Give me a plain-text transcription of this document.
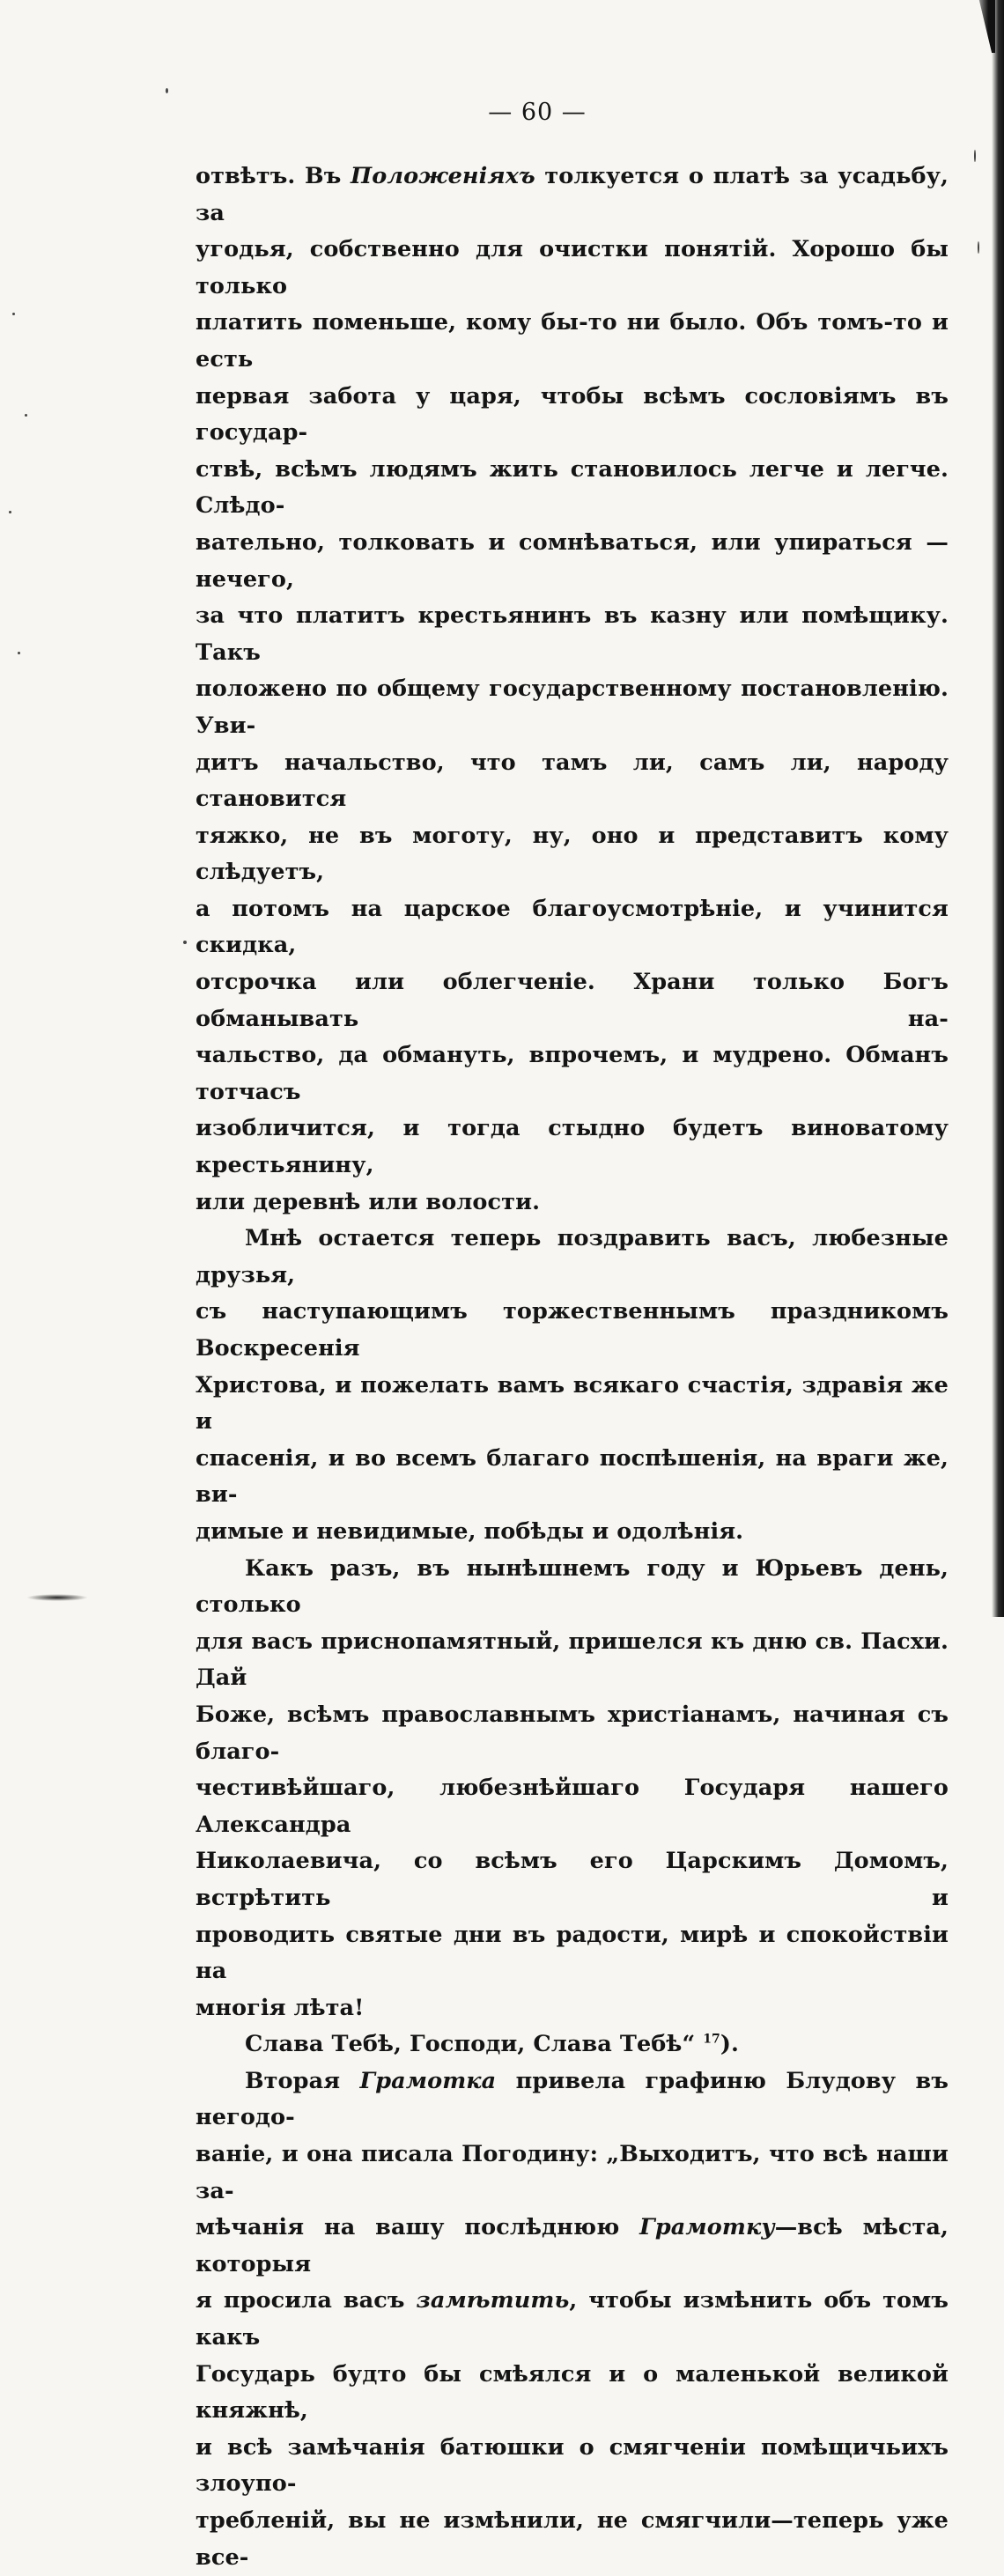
— 60 —

отвѣтъ. Въ Положеніяхъ толкуется о платѣ за усадьбу, за

угодья, собственно для очистки понятій. Хорошо бы только

платить поменьше, кому бы-то ни было. Объ томъ-то и есть

первая забота у царя, чтобы всѣмъ сословіямъ въ государ-

ствѣ, всѣмъ людямъ жить становилось легче и легче. Слѣдо-

вательно, толковать и сомнѣваться, или упираться — нечего,

за что платитъ крестьянинъ въ казну или помѣщику. Такъ

положено по общему государственному постановленію. Уви-

дитъ начальство, что тамъ ли, самъ ли, народу становится

тяжко, не въ моготу, ну, оно и представитъ кому слѣдуетъ,

а потомъ на царское благоусмотрѣніе, и учинится скидка,

отсрочка или облегченіе. Храни только Богъ обманывать на-

чальство, да обмануть, впрочемъ, и мудрено. Обманъ тотчасъ

изобличится, и тогда стыдно будетъ виноватому крестьянину,

или деревнѣ или волости.

Мнѣ остается теперь поздравить васъ, любезные друзья,

съ наступающимъ торжественнымъ праздникомъ Воскресенія

Христова, и пожелать вамъ всякаго счастія, здравія же и

спасенія, и во всемъ благаго поспѣшенія, на враги же, ви-

димые и невидимые, побѣды и одолѣнія.

Какъ разъ, въ нынѣшнемъ году и Юрьевъ день, столько

для васъ приснопамятный, пришелся къ дню св. Пасхи. Дай

Боже, всѣмъ православнымъ христіанамъ, начиная съ благо-

честивѣйшаго, любезнѣйшаго Государя нашего Александра

Николаевича, со всѣмъ его Царскимъ Домомъ, встрѣтить и

проводить святые дни въ радости, мирѣ и спокойствіи на

многія лѣта!

Слава Тебѣ, Господи, Слава Тебѣ“ $^{17}$).

Вторая Грамотка привела графиню Блудову въ негодо-

ваніе, и она писала Погодину: „Выходитъ, что всѣ наши за-

мѣчанія на вашу послѣднюю Грамотку—всѣ мѣста, которыя

я просила васъ замѣтить, чтобы измѣнить объ томъ какъ

Государь будто бы смѣялся и о маленькой великой княжнѣ,

и всѣ замѣчанія батюшки о смягченіи помѣщичьихъ злоупо-

требленій, вы не измѣнили, не смягчили—теперь уже все-
